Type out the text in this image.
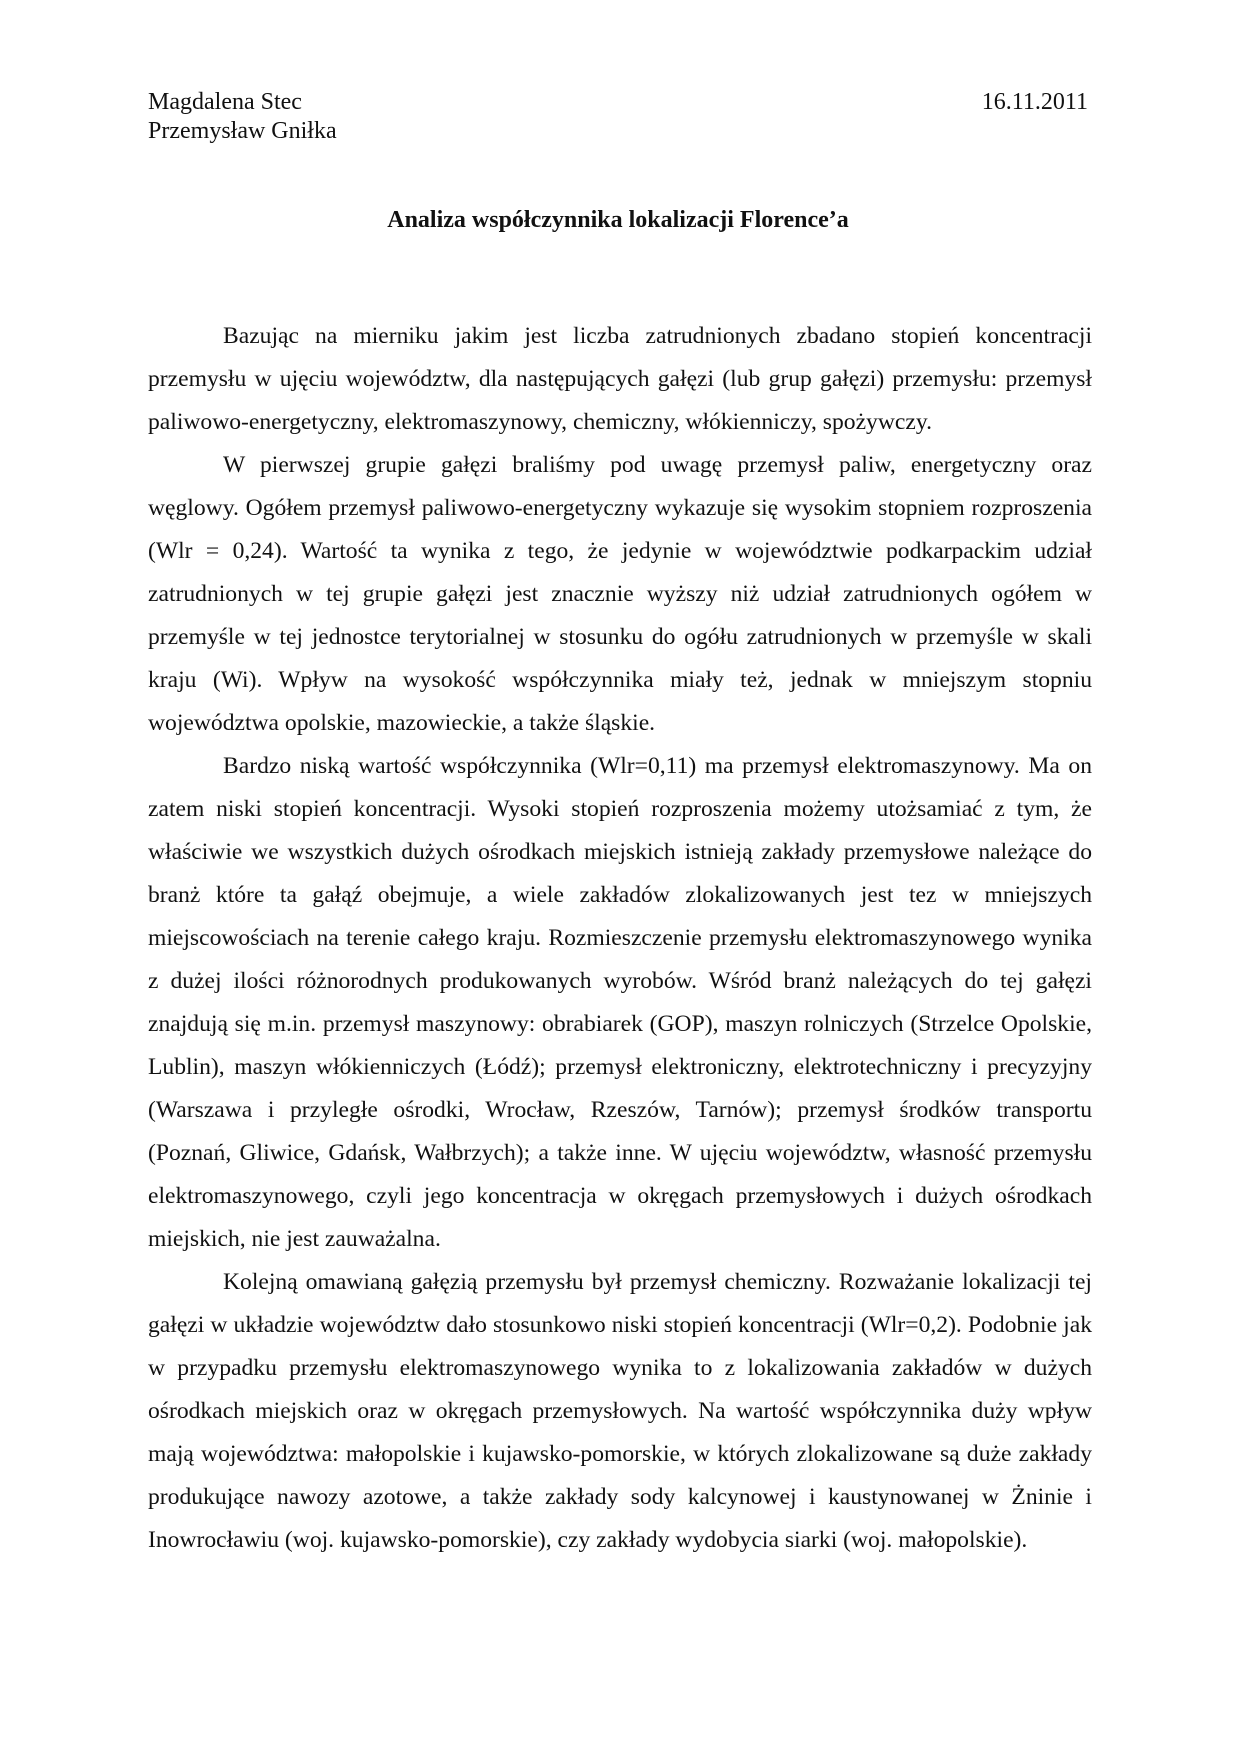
Magdalena Stec
Przemysław Gniłka
16.11.2011
Analiza współczynnika lokalizacji Florence’a

Bazując na mierniku jakim jest liczba zatrudnionych zbadano stopień koncentracji przemysłu w ujęciu województw, dla następujących gałęzi (lub grup gałęzi) przemysłu: przemysł paliwowo-energetyczny, elektromaszynowy, chemiczny, włókienniczy, spożywczy.

W pierwszej grupie gałęzi braliśmy pod uwagę przemysł paliw, energetyczny oraz węglowy. Ogółem przemysł paliwowo-energetyczny wykazuje się wysokim stopniem rozproszenia (Wlr = 0,24). Wartość ta wynika z tego, że jedynie w województwie podkarpackim udział zatrudnionych w tej grupie gałęzi jest znacznie wyższy niż udział zatrudnionych ogółem w przemyśle w tej jednostce terytorialnej w stosunku do ogółu zatrudnionych w przemyśle w skali kraju (Wi). Wpływ na wysokość współczynnika miały też, jednak w mniejszym stopniu województwa opolskie, mazowieckie, a także śląskie.

Bardzo niską wartość współczynnika (Wlr=0,11) ma przemysł elektromaszynowy. Ma on zatem niski stopień koncentracji. Wysoki stopień rozproszenia możemy utożsamiać z tym, że właściwie we wszystkich dużych ośrodkach miejskich istnieją zakłady przemysłowe należące do branż które ta gałąź obejmuje, a wiele zakładów zlokalizowanych jest tez w mniejszych miejscowościach na terenie całego kraju. Rozmieszczenie przemysłu elektromaszynowego wynika z dużej ilości różnorodnych produkowanych wyrobów. Wśród branż należących do tej gałęzi znajdują się m.in. przemysł maszynowy: obrabiarek (GOP), maszyn rolniczych (Strzelce Opolskie, Lublin), maszyn włókienniczych (Łódź); przemysł elektroniczny, elektrotechniczny i precyzyjny (Warszawa i przyległe ośrodki, Wrocław, Rzeszów, Tarnów); przemysł środków transportu (Poznań, Gliwice, Gdańsk, Wałbrzych); a także inne. W ujęciu województw, własność przemysłu elektromaszynowego, czyli jego koncentracja w okręgach przemysłowych i dużych ośrodkach miejskich, nie jest zauważalna.

Kolejną omawianą gałęzią przemysłu był przemysł chemiczny. Rozważanie lokalizacji tej gałęzi w układzie województw dało stosunkowo niski stopień koncentracji (Wlr=0,2). Podobnie jak w przypadku przemysłu elektromaszynowego wynika to z lokalizowania zakładów w dużych ośrodkach miejskich oraz w okręgach przemysłowych. Na wartość współczynnika duży wpływ mają województwa: małopolskie i kujawsko-pomorskie, w których zlokalizowane są duże zakłady produkujące nawozy azotowe, a także zakłady sody kalcynowej i kaustynowanej w Żninie i Inowrocławiu (woj. kujawsko-pomorskie), czy zakłady wydobycia siarki (woj. małopolskie).
